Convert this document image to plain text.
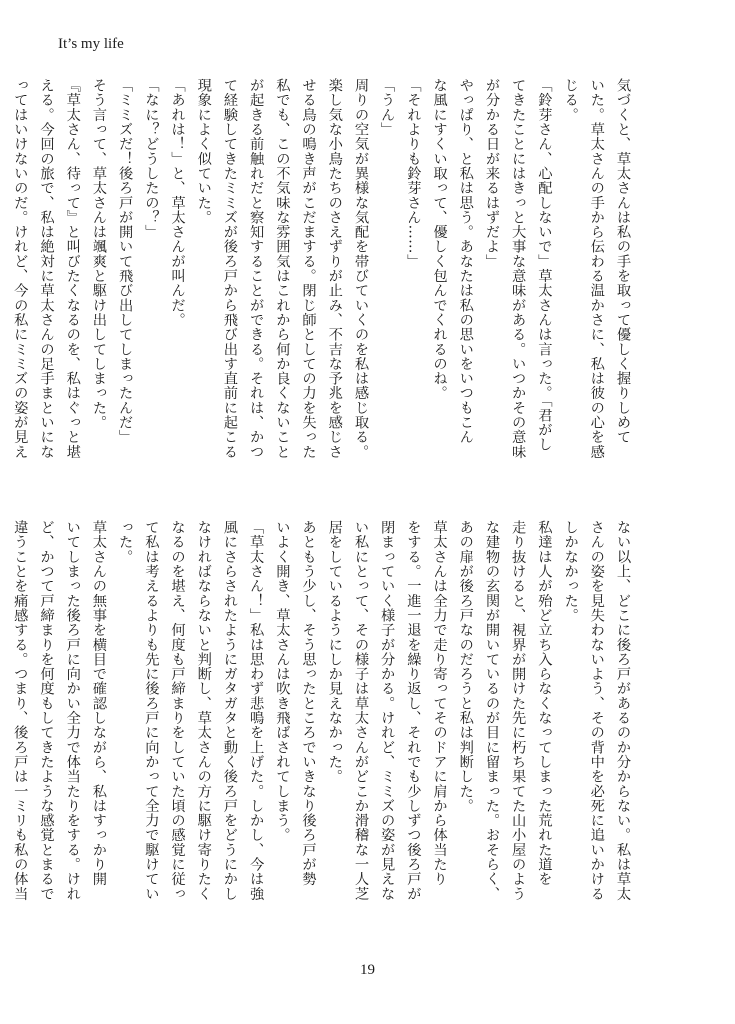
It’s my life

気づくと、草太さんは私の手を取って優しく握りしめて

いた。草太さんの手から伝わる温かさに、私は彼の心を感

じる。

「鈴芽さん、心配しないで」草太さんは言った。「君がし

てきたことにはきっと大事な意味がある。いつかその意味

が分かる日が来るはずだよ」

やっぱり、と私は思う。あなたは私の思いをいつもこん

な風にすくい取って、優しく包んでくれるのね。

「それよりも鈴芽さん……」

「うん」

周りの空気が異様な気配を帯びていくのを私は感じ取る。

楽し気な小鳥たちのさえずりが止み、不吉な予兆を感じさ

せる鳥の鳴き声がこだまする。閉じ師としての力を失った

私でも、この不気味な雰囲気はこれから何か良くないこと

が起きる前触れだと察知することができる。それは、かつ

て経験してきたミミズが後ろ戸から飛び出す直前に起こる

現象によく似ていた。

「あれは！」と、草太さんが叫んだ。

「なに？どうしたの？」

「ミミズだ！後ろ戸が開いて飛び出してしまったんだ」

そう言って、草太さんは颯爽と駆け出してしまった。

『草太さん、待って』と叫びたくなるのを、私はぐっと堪

える。今回の旅で、私は絶対に草太さんの足手まといにな

ってはいけないのだ。けれど、今の私にミミズの姿が見え

ない以上、どこに後ろ戸があるのか分からない。私は草太

さんの姿を見失わないよう、その背中を必死に追いかける

しかなかった。

私達は人が殆ど立ち入らなくなってしまった荒れた道を

走り抜けると、視界が開けた先に朽ち果てた山小屋のよう

な建物の玄関が開いているのが目に留まった。おそらく、

あの扉が後ろ戸なのだろうと私は判断した。

草太さんは全力で走り寄ってそのドアに肩から体当たり

をする。一進一退を繰り返し、それでも少しずつ後ろ戸が

閉まっていく様子が分かる。けれど、ミミズの姿が見えな

い私にとって、その様子は草太さんがどこか滑稽な一人芝

居をしているようにしか見えなかった。

あともう少し、そう思ったところでいきなり後ろ戸が勢

いよく開き、草太さんは吹き飛ばされてしまう。

「草太さん！」私は思わず悲鳴を上げた。しかし、今は強

風にさらされたようにガタガタと動く後ろ戸をどうにかし

なければならないと判断し、草太さんの方に駆け寄りたく

なるのを堪え、何度も戸締まりをしていた頃の感覚に従っ

て私は考えるよりも先に後ろ戸に向かって全力で駆けてい

った。

草太さんの無事を横目で確認しながら、私はすっかり開

いてしまった後ろ戸に向かい全力で体当たりをする。けれ

ど、かつて戸締まりを何度もしてきたような感覚とまるで

違うことを痛感する。つまり、後ろ戸は一ミリも私の体当

19
